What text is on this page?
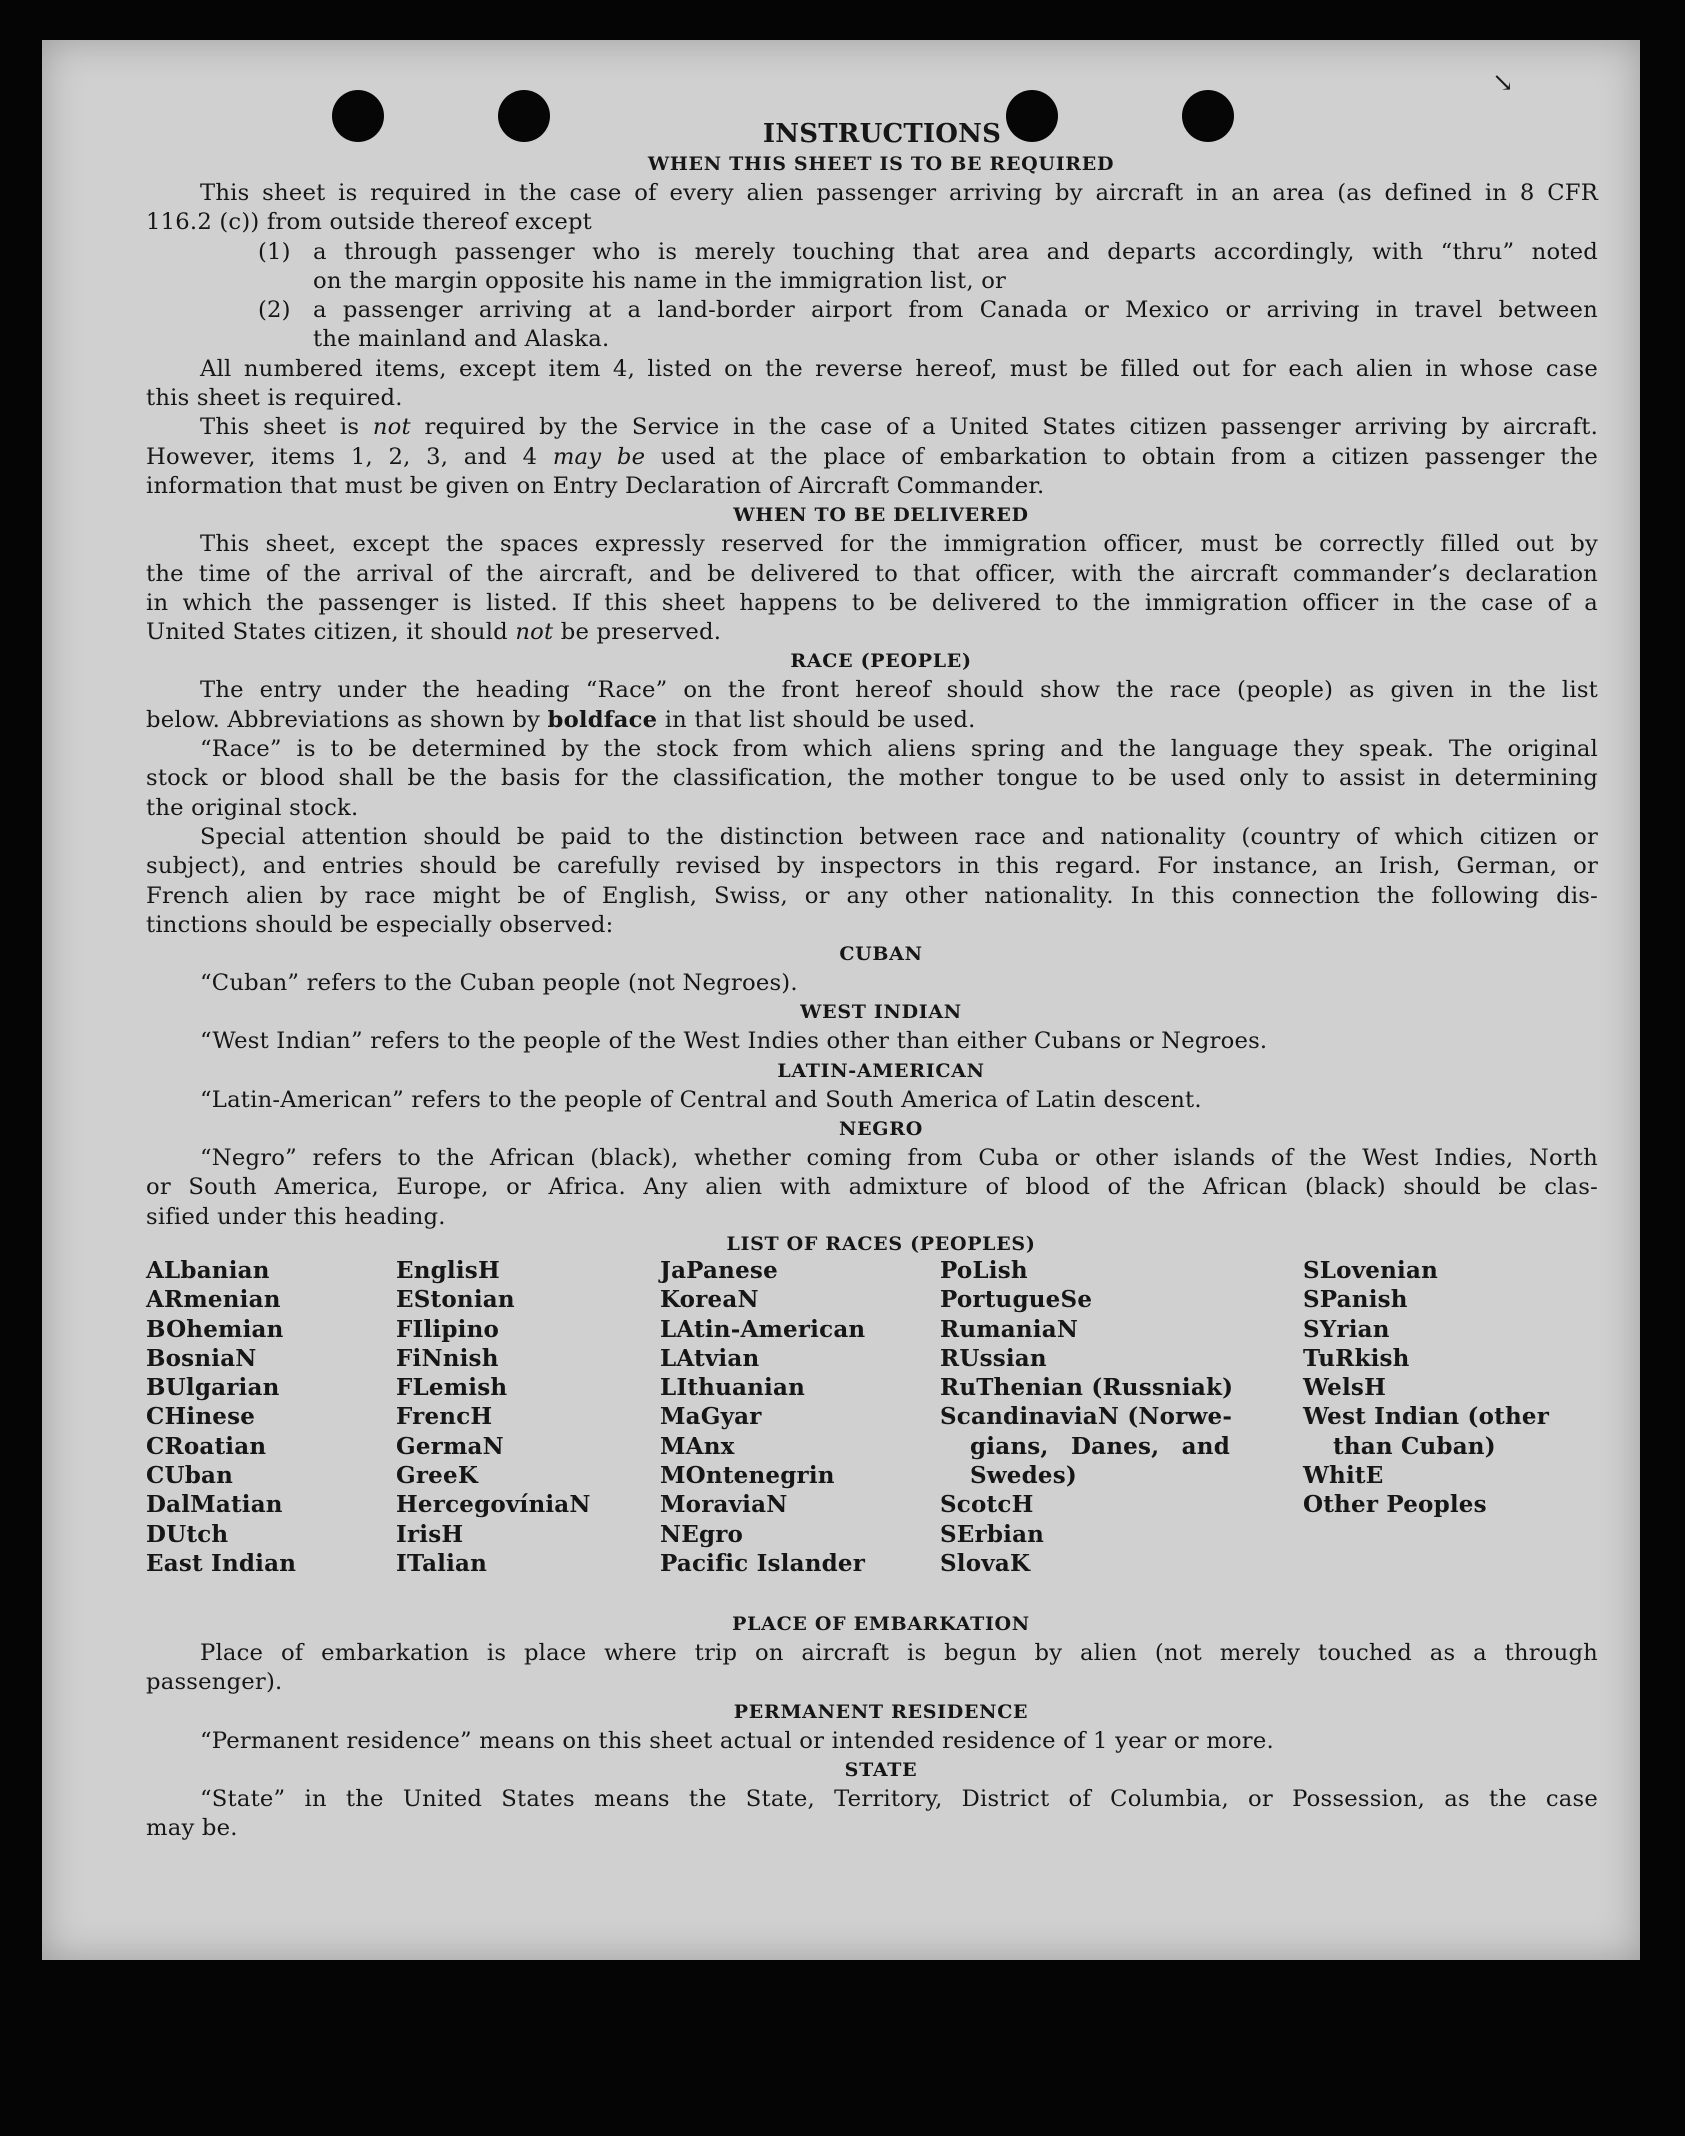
↘
INSTRUCTIONS
WHEN THIS SHEET IS TO BE REQUIRED

This sheet is required in the case of every alien passenger arriving by aircraft in an area (as defined in 8 CFR
116.2 (c)) from outside thereof except

(1) a through passenger who is merely touching that area and departs accordingly, with “thru” noted
on the margin opposite his name in the immigration list, or
(2) a passenger arriving at a land-border airport from Canada or Mexico or arriving in travel between
the mainland and Alaska.

All numbered items, except item 4, listed on the reverse hereof, must be filled out for each alien in whose case
this sheet is required.

This sheet is not required by the Service in the case of a United States citizen passenger arriving by aircraft.
However, items 1, 2, 3, and 4 may be used at the place of embarkation to obtain from a citizen passenger the
information that must be given on Entry Declaration of Aircraft Commander.

WHEN TO BE DELIVERED

This sheet, except the spaces expressly reserved for the immigration officer, must be correctly filled out by
the time of the arrival of the aircraft, and be delivered to that officer, with the aircraft commander’s declaration
in which the passenger is listed. If this sheet happens to be delivered to the immigration officer in the case of a
United States citizen, it should not be preserved.

RACE (PEOPLE)

The entry under the heading “Race” on the front hereof should show the race (people) as given in the list
below. Abbreviations as shown by boldface in that list should be used.

“Race” is to be determined by the stock from which aliens spring and the language they speak. The original
stock or blood shall be the basis for the classification, the mother tongue to be used only to assist in determining
the original stock.

Special attention should be paid to the distinction between race and nationality (country of which citizen or
subject), and entries should be carefully revised by inspectors in this regard. For instance, an Irish, German, or
French alien by race might be of English, Swiss, or any other nationality. In this connection the following dis-
tinctions should be especially observed:

CUBAN

“Cuban” refers to the Cuban people (not Negroes).

WEST INDIAN

“West Indian” refers to the people of the West Indies other than either Cubans or Negroes.

LATIN-AMERICAN

“Latin-American” refers to the people of Central and South America of Latin descent.

NEGRO

“Negro” refers to the African (black), whether coming from Cuba or other islands of the West Indies, North
or South America, Europe, or Africa. Any alien with admixture of blood of the African (black) should be clas-
sified under this heading.

LIST OF RACES (PEOPLES)
ALbanian
ARmenian
BOhemian
BosniaN
BUlgarian
CHinese
CRoatian
CUban
DalMatian
DUtch
East Indian
EnglisH
EStonian
FIlipino
FiNnish
FLemish
FrencH
GermaN
GreeK
HercegovíniaN
IrisH
ITalian
JaPanese
KoreaN
LAtin-American
LAtvian
LIthuanian
MaGyar
MAnx
MOntenegrin
MoraviaN
NEgro
Pacific Islander
PoLish
PortugueSe
RumaniaN
RUssian
RuThenian (Russniak)
ScandinaviaN (Norwe-
gians, Danes, and
Swedes)
ScotcH
SErbian
SlovaK
SLovenian
SPanish
SYrian
TuRkish
WelsH
West Indian (other
than Cuban)
WhitE
Other Peoples
PLACE OF EMBARKATION

Place of embarkation is place where trip on aircraft is begun by alien (not merely touched as a through
passenger).

PERMANENT RESIDENCE

“Permanent residence” means on this sheet actual or intended residence of 1 year or more.

STATE

“State” in the United States means the State, Territory, District of Columbia, or Possession, as the case
may be.
